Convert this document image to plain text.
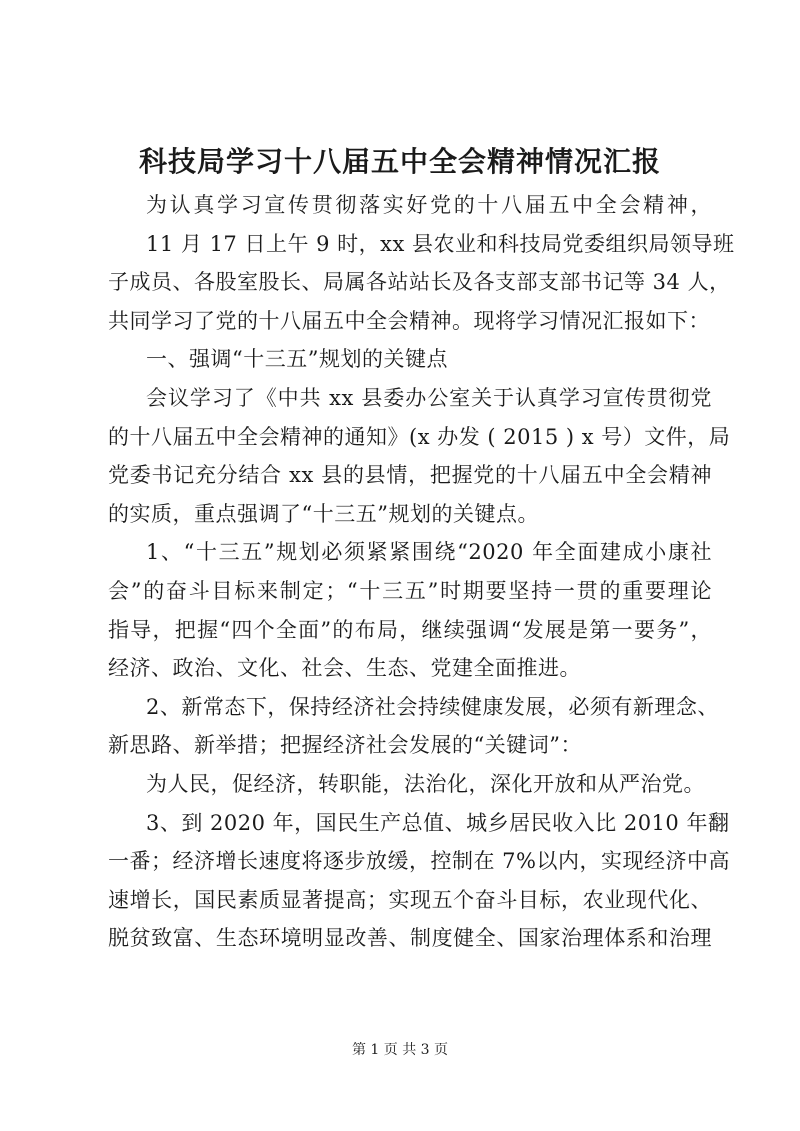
科技局学习十八届五中全会精神情况汇报
为认真学习宣传贯彻落实好党的十八届五中全会精神，
11 月 17 日上午 9 时，xx 县农业和科技局党委组织局领导班
子成员、各股室股长、局属各站站长及各支部支部书记等 34 人，
共同学习了党的十八届五中全会精神。现将学习情况汇报如下：
一、强调“十三五”规划的关键点
会议学习了《中共 xx 县委办公室关于认真学习宣传贯彻党
的十八届五中全会精神的通知》(x 办发 ( 2015 ) x 号）文件，局
党委书记充分结合 xx 县的县情，把握党的十八届五中全会精神
的实质，重点强调了“十三五”规划的关键点。
1、“十三五”规划必须紧紧围绕“2020 年全面建成小康社
会”的奋斗目标来制定；“十三五”时期要坚持一贯的重要理论
指导，把握“四个全面”的布局，继续强调“发展是第一要务”，
经济、政治、文化、社会、生态、党建全面推进。
2、新常态下，保持经济社会持续健康发展，必须有新理念、
新思路、新举措；把握经济社会发展的“关键词”：
为人民，促经济，转职能，法治化，深化开放和从严治党。
3、到 2020 年，国民生产总值、城乡居民收入比 2010 年翻
一番；经济增长速度将逐步放缓，控制在 7%以内，实现经济中高
速增长，国民素质显著提高；实现五个奋斗目标，农业现代化、
脱贫致富、生态环境明显改善、制度健全、国家治理体系和治理
第 1 页 共 3 页
